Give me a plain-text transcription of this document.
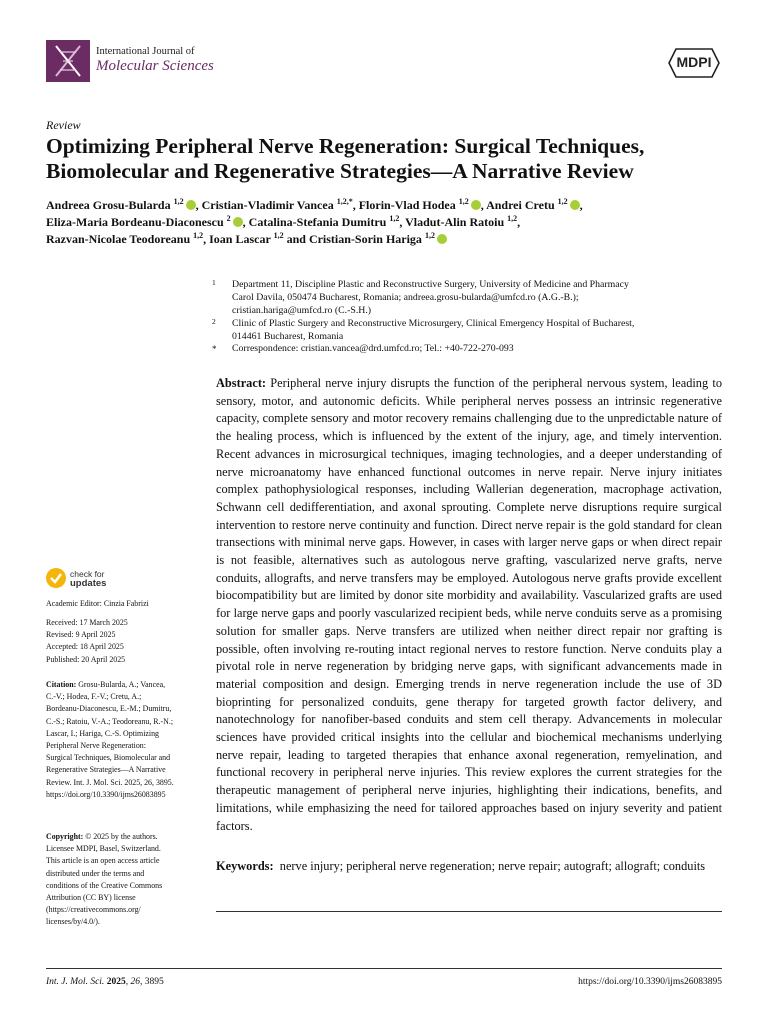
International Journal of
Molecular Sciences	MDPI
Review
Optimizing Peripheral Nerve Regeneration: Surgical Techniques, Biomolecular and Regenerative Strategies—A Narrative Review
Andreea Grosu-Bularda $^{1,2}$ , Cristian-Vladimir Vancea $^{1,2,*}$, Florin-Vlad Hodea $^{1,2}$ , Andrei Cretu $^{1,2}$ ,
Eliza-Maria Bordeanu-Diaconescu $^2$ , Catalina-Stefania Dumitru $^{1,2}$, Vladut-Alin Ratoiu $^{1,2}$,
Razvan-Nicolae Teodoreanu $^{1,2}$, Ioan Lascar $^{1,2}$ and Cristian-Sorin Hariga $^{1,2}$
1 Department 11, Discipline Plastic and Reconstructive Surgery, University of Medicine and Pharmacy
Carol Davila, 050474 Bucharest, Romania; andreea.grosu-bularda@umfcd.ro (A.G.-B.);
cristian.hariga@umfcd.ro (C.-S.H.)
2 Clinic of Plastic Surgery and Reconstructive Microsurgery, Clinical Emergency Hospital of Bucharest,
014461 Bucharest, Romania
* Correspondence: cristian.vancea@drd.umfcd.ro; Tel.: +40-722-270-093
Abstract: Peripheral nerve injury disrupts the function of the peripheral nervous system, leading to sensory, motor, and autonomic deficits. While peripheral nerves possess an intrinsic regenerative capacity, complete sensory and motor recovery remains challenging due to the unpredictable nature of the healing process, which is influenced by the extent of the injury, age, and timely intervention. Recent advances in microsurgical techniques, imaging technologies, and a deeper understanding of nerve microanatomy have enhanced functional outcomes in nerve repair. Nerve injury initiates complex pathophysiological responses, including Wallerian degeneration, macrophage activation, Schwann cell dedifferentiation, and axonal sprouting. Complete nerve disruptions require surgical intervention to restore nerve continuity and function. Direct nerve repair is the gold standard for clean transections with minimal nerve gaps. However, in cases with larger nerve gaps or when direct repair is not feasible, alternatives such as autologous nerve grafting, vascularized nerve grafts, nerve conduits, allografts, and nerve transfers may be employed. Autologous nerve grafts provide excellent biocompatibility but are limited by donor site morbidity and availability. Vascularized grafts are used for large nerve gaps and poorly vascularized recipient beds, while nerve conduits serve as a promising solution for smaller gaps. Nerve transfers are utilized when neither direct repair nor grafting is possible, often involving re-routing intact regional nerves to restore function. Nerve conduits play a pivotal role in nerve regeneration by bridging nerve gaps, with significant advancements made in material composition and design. Emerging trends in nerve regeneration include the use of 3D bioprinting for personalized conduits, gene therapy for targeted growth factor delivery, and nanotechnology for nanofiber-based conduits and stem cell therapy. Advancements in molecular sciences have provided critical insights into the cellular and biochemical mechanisms underlying nerve repair, leading to targeted therapies that enhance axonal regeneration, remyelination, and functional recovery in peripheral nerve injuries. This review explores the current strategies for the therapeutic management of peripheral nerve injuries, highlighting their indications, benefits, and limitations, while emphasizing the need for tailored approaches based on injury severity and patient factors.
Keywords: nerve injury; peripheral nerve regeneration; nerve repair; autograft; allograft; conduits
check for
updates
Academic Editor: Cinzia Fabrizi
Received: 17 March 2025
Revised: 9 April 2025
Accepted: 18 April 2025
Published: 20 April 2025
Citation: Grosu-Bularda, A.; Vancea,
C.-V.; Hodea, F.-V.; Cretu, A.;
Bordeanu-Diaconescu, E.-M.; Dumitru,
C.-S.; Ratoiu, V.-A.; Teodoreanu, R.-N.;
Lascar, I.; Hariga, C.-S. Optimizing
Peripheral Nerve Regeneration:
Surgical Techniques, Biomolecular and
Regenerative Strategies—A Narrative
Review. Int. J. Mol. Sci. 2025, 26, 3895.
https://doi.org/10.3390/ijms26083895
Copyright: © 2025 by the authors.
Licensee MDPI, Basel, Switzerland.
This article is an open access article
distributed under the terms and
conditions of the Creative Commons
Attribution (CC BY) license
(https://creativecommons.org/
licenses/by/4.0/).
Int. J. Mol. Sci. 2025, 26, 3895	https://doi.org/10.3390/ijms26083895
